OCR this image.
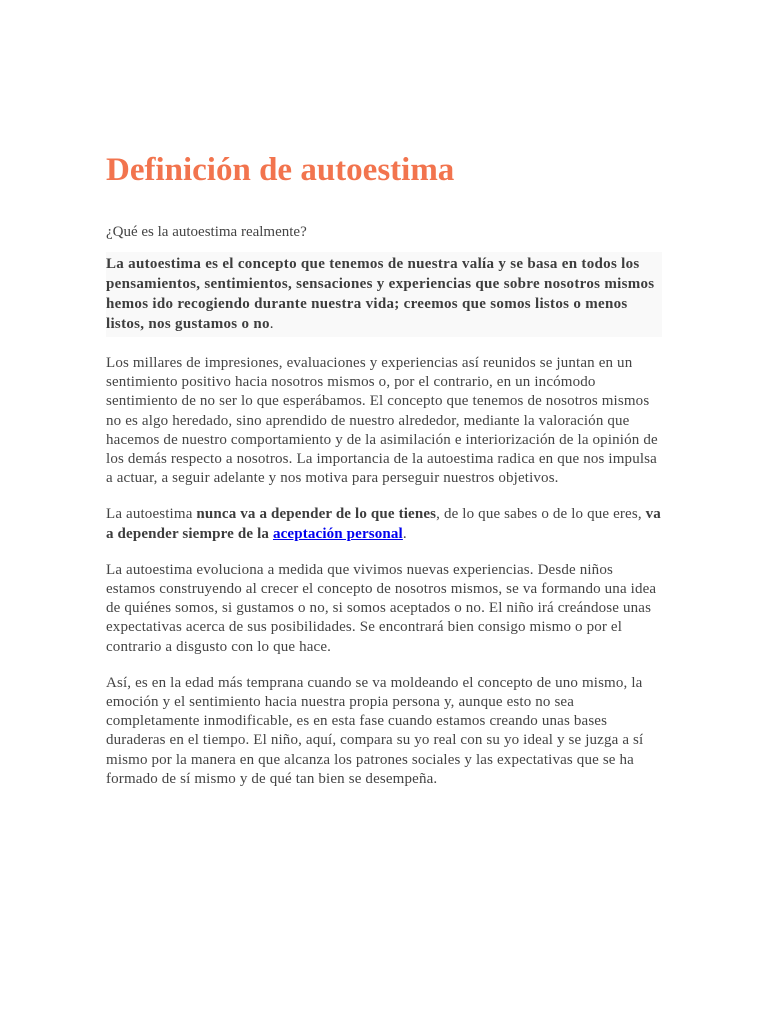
Definición de autoestima

¿Qué es la autoestima realmente?

La autoestima es el concepto que tenemos de nuestra valía y se basa en todos los pensamientos, sentimientos, sensaciones y experiencias que sobre nosotros mismos hemos ido recogiendo durante nuestra vida; creemos que somos listos o menos listos, nos gustamos o no.

Los millares de impresiones, evaluaciones y experiencias así reunidos se juntan en un sentimiento positivo hacia nosotros mismos o, por el contrario, en un incómodo sentimiento de no ser lo que esperábamos. El concepto que tenemos de nosotros mismos no es algo heredado, sino aprendido de nuestro alrededor, mediante la valoración que hacemos de nuestro comportamiento y de la asimilación e interiorización de la opinión de los demás respecto a nosotros. La importancia de la autoestima radica en que nos impulsa a actuar, a seguir adelante y nos motiva para perseguir nuestros objetivos.

La autoestima nunca va a depender de lo que tienes, de lo que sabes o de lo que eres, va a depender siempre de la aceptación personal.

La autoestima evoluciona a medida que vivimos nuevas experiencias. Desde niños estamos construyendo al crecer el concepto de nosotros mismos, se va formando una idea de quiénes somos, si gustamos o no, si somos aceptados o no. El niño irá creándose unas expectativas acerca de sus posibilidades. Se encontrará bien consigo mismo o por el contrario a disgusto con lo que hace.

Así, es en la edad más temprana cuando se va moldeando el concepto de uno mismo, la emoción y el sentimiento hacia nuestra propia persona y, aunque esto no sea completamente inmodificable, es en esta fase cuando estamos creando unas bases duraderas en el tiempo. El niño, aquí, compara su yo real con su yo ideal y se juzga a sí mismo por la manera en que alcanza los patrones sociales y las expectativas que se ha formado de sí mismo y de qué tan bien se desempeña.
